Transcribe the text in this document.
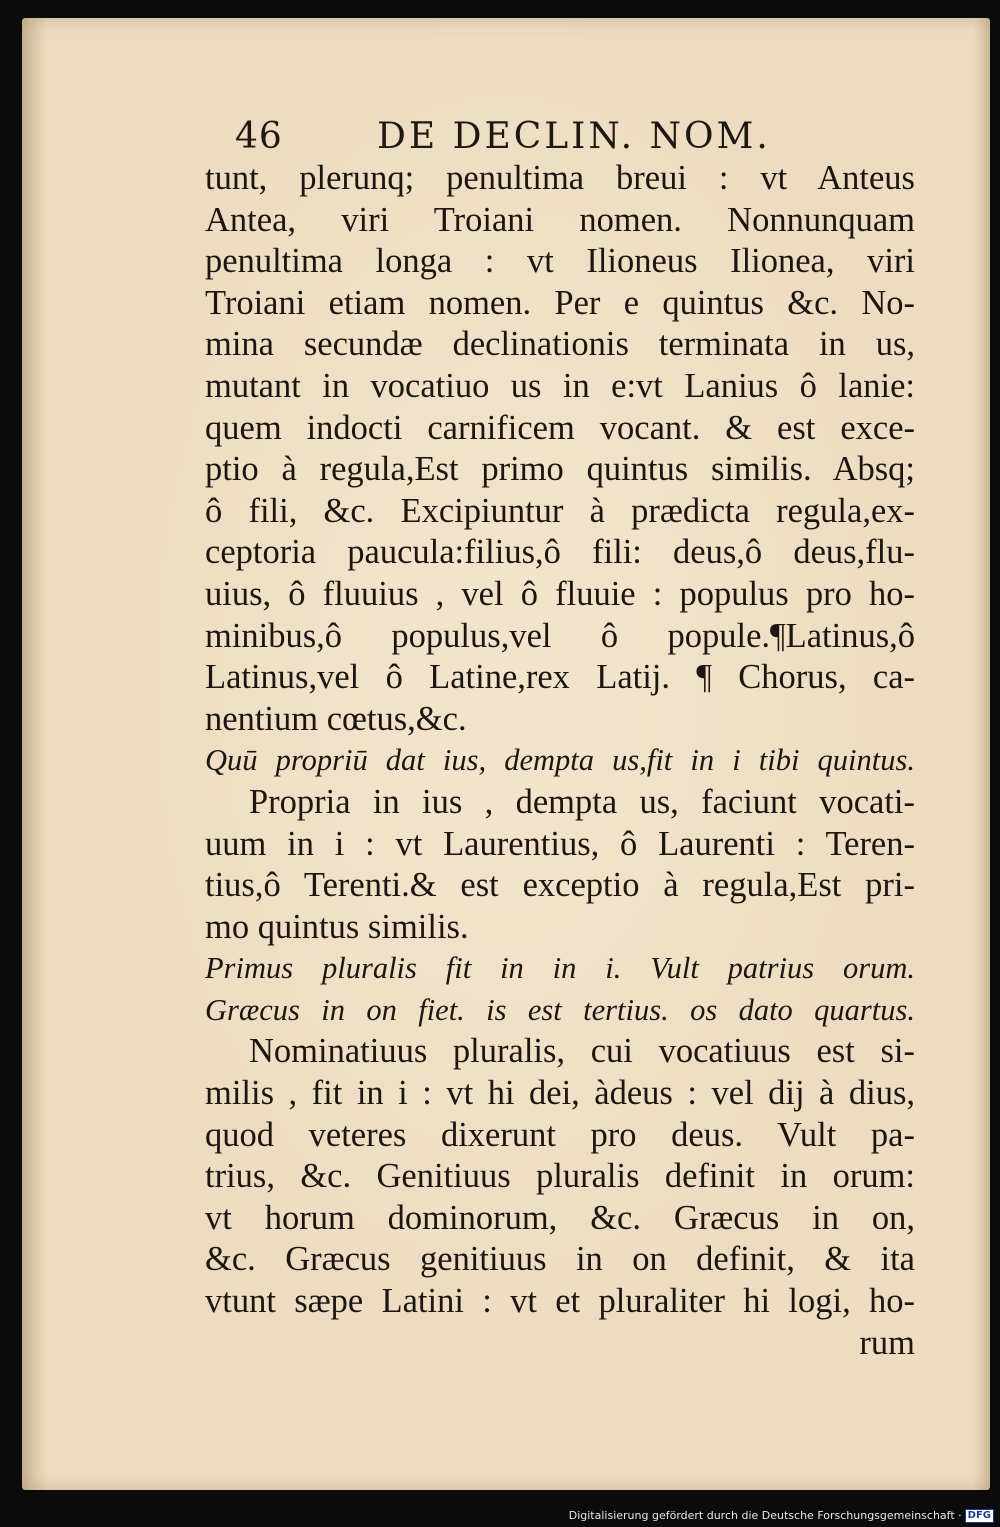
46	DE DECLIN. NOM.
tunt, plerunq; penultima breui : vt Anteus
Antea, viri Troiani nomen. Nonnunquam
penultima longa : vt Ilioneus Ilionea, viri
Troiani etiam nomen. Per e quintus &c. No-
mina secundæ declinationis terminata in us,
mutant in vocatiuo us in e:vt Lanius ô lanie:
quem indocti carnificem vocant. & est exce-
ptio à regula,Est primo quintus similis. Absq;
ô fili, &c. Excipiuntur à prædicta regula,ex-
ceptoria paucula:filius,ô fili: deus,ô deus,flu-
uius, ô fluuius , vel ô fluuie : populus pro ho-
minibus,ô populus,vel ô popule.¶Latinus,ô
Latinus,vel ô Latine,rex Latij. ¶ Chorus, ca-
nentium cœtus,&c.
Quū propriū dat ius, dempta us,fit in i tibi quintus.
Propria in ius , dempta us, faciunt vocati-
uum in i : vt Laurentius, ô Laurenti : Teren-
tius,ô Terenti.& est exceptio à regula,Est pri-
mo quintus similis.
Primus pluralis fit in in i. Vult patrius orum.
Græcus in on fiet. is est tertius. os dato quartus.
Nominatiuus pluralis, cui vocatiuus est si-
milis , fit in i : vt hi dei, àdeus : vel dij à dius,
quod veteres dixerunt pro deus. Vult pa-
trius, &c. Genitiuus pluralis definit in orum:
vt horum dominorum, &c. Græcus in on,
&c. Græcus genitiuus in on definit, & ita
vtunt sæpe Latini : vt et pluraliter hi logi, ho-
rum
Digitalisierung gefördert durch die Deutsche Forschungsgemeinschaft · DFG
